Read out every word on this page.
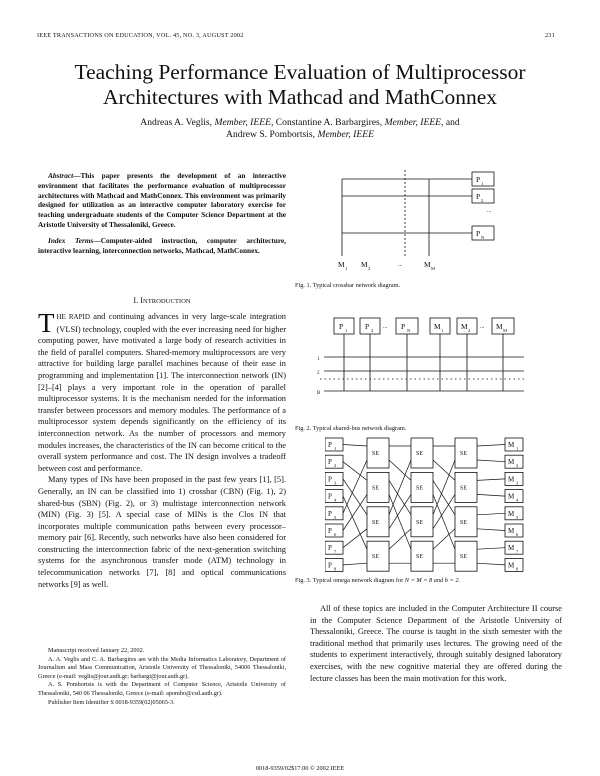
IEEE TRANSACTIONS ON EDUCATION, VOL. 45, NO. 3, AUGUST 2002	231
Teaching Performance Evaluation of Multiprocessor
Architectures with Mathcad and MathConnex
Andreas A. Veglis, Member, IEEE, Constantine A. Barbargires, Member, IEEE, and
Andrew S. Pombortsis, Member, IEEE

Abstract—This paper presents the development of an interactive environment that facilitates the performance evaluation of multiprocessor architectures with Mathcad and MathConnex. This environment was primarily designed for utilization as an interactive computer laboratory exercise for teaching undergraduate students of the Computer Science Department at the Aristotle University of Thessaloniki, Greece.

Index Terms—Computer-aided instruction, computer architecture, interactive learning, interconnection networks, Mathcad, MathConnex.

I. INTRODUCTION

THE RAPID and continuing advances in very large-scale integration (VLSI) technology, coupled with the ever increasing need for higher computing power, have motivated a large body of research activities in the field of parallel computers. Shared-memory multiprocessors are very attractive for building large parallel machines because of their ease in programming and implementation [1]. The interconnection network (IN) [2]–[4] plays a very important role in the operation of parallel multiprocessor systems. It is the mechanism needed for the information transfer between processors and memory modules. The performance of a multiprocessor system depends significantly on the efficiency of its interconnection network. As the number of processors and memory modules increases, the characteristics of the IN can become critical to the overall system performance and cost. The IN design involves a tradeoff between cost and performance.

Many types of INs have been proposed in the past few years [1], [5]. Generally, an IN can be classified into 1) crossbar (CBN) (Fig. 1), 2) shared-bus (SBN) (Fig. 2), or 3) multistage interconnection network (MIN) (Fig. 3) [5]. A special case of MINs is the Clos IN that incorporates multiple communication paths between every processor–memory pair [6]. Recently, such networks have also been considered for constructing the interconnection fabric of the next-generation switching systems for the asynchronous transfer mode (ATM) technology in telecommunication networks [7], [8] and optical communications networks [9] as well.

Manuscript received January 22, 2002.

A. A. Veglis and C. A. Barbargires are with the Media Informatics Laboratory, Department of Journalism and Mass Communication, Aristotle University of Thessaloniki, 54006 Thessaloniki, Greece (e-mail: veglis@jour.auth.gr; barbargi@jour.auth.gr).

A. S. Pombortsis is with the Department of Computer Science, Aristotle University of Thessaloniki, 540 06 Thessaloniki, Greece (e-mail: apombo@csd.auth.gr).

Publisher Item Identifier S 0018-9359(02)05065-3.

P 1
P 2
P N
...
M 1 M 2
...	M M
Fig. 1. Typical crossbar network diagram.
P 1 P 2
... P N	M 1 M 2
... M M
1
2
B
Fig. 2. Typical shared-bus network diagram.
P 1	M 1
P 2	M 2
P 3	M 3
P 4	M 4
P 5	M 5
P 6	M 6
P 7	M 7
P 8	M 8
SE
SE
SE
SE
SE
SE
SE
SE
SE
SE
SE
SE
Fig. 3. Typical omega network diagram for N = M = 8 and b = 2.

All of these topics are included in the Computer Architecture II course in the Computer Science Department of the Aristotle University of Thessaloniki, Greece. The course is taught in the sixth semester with the traditional method that primarily uses lectures. The growing need of the students to experiment interactively, through suitably designed laboratory exercises, with the new cognitive material they are offered during the lecture classes has been the main motivation for this work.

0018-9359/02$17.00 © 2002 IEEE
